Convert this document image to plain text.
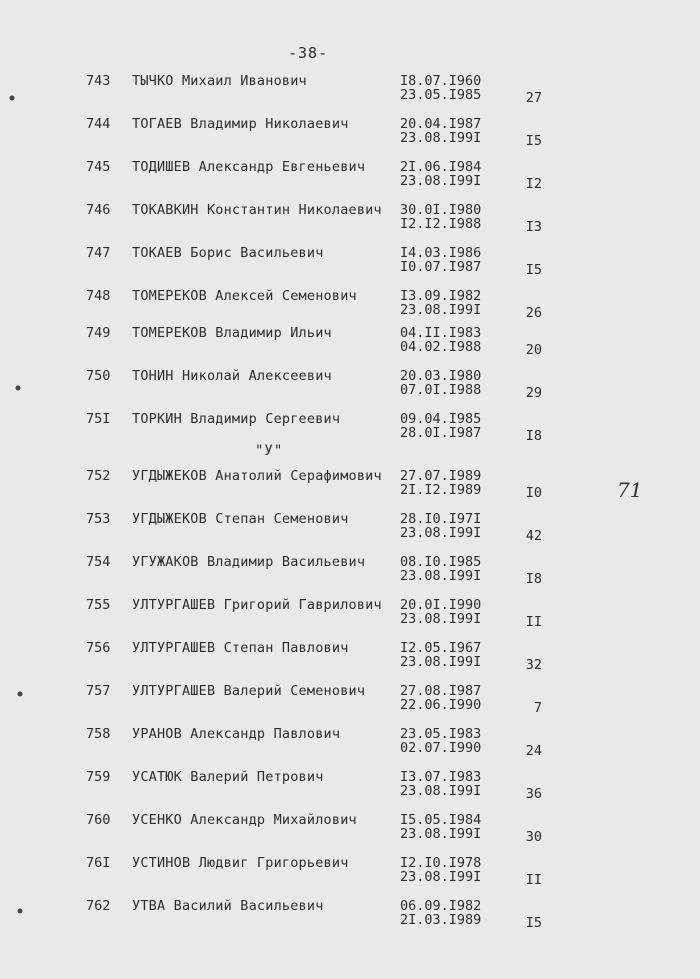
-38-
"У"
71
743 ТЫЧКО Михаил Иванович	I8.07.I960
23.05.I985	27
744 ТОГАЕВ Владимир Николаевич	20.04.I987
23.08.I99I	I5
745 ТОДИШЕВ Александр Евгеньевич	2I.06.I984
23.08.I99I	I2
746 ТОКАВКИН Константин Николаевич 30.0I.I980
I2.I2.I988	I3
747 ТОКАЕВ Борис Васильевич	I4.03.I986
I0.07.I987	I5
748 ТОМЕРЕКОВ Алексей Семенович	I3.09.I982
23.08.I99I	26
749 ТОМЕРЕКОВ Владимир Ильич	04.II.I983
04.02.I988	20
750 ТОНИН Николай Алексеевич	20.03.I980
07.0I.I988	29
75I ТОРКИН Владимир Сергеевич	09.04.I985
28.0I.I987	I8
752 УГДЫЖЕКОВ Анатолий Серафимович 27.07.I989
2I.I2.I989	I0
753 УГДЫЖЕКОВ Степан Семенович	28.I0.I97I
23.08.I99I	42
754 УГУЖАКОВ Владимир Васильевич	08.I0.I985
23.08.I99I	I8
755 УЛТУРГАШЕВ Григорий Гаврилович 20.0I.I990
23.08.I99I	II
756 УЛТУРГАШЕВ Степан Павлович	I2.05.I967
23.08.I99I	32
757 УЛТУРГАШЕВ Валерий Семенович	27.08.I987
22.06.I990	7
758 УРАНОВ Александр Павлович	23.05.I983
02.07.I990	24
759 УСАТЮК Валерий Петрович	I3.07.I983
23.08.I99I	36
760 УСЕНКО Александр Михайлович	I5.05.I984
23.08.I99I	30
76I УСТИНОВ Людвиг Григорьевич	I2.I0.I978
23.08.I99I	II
762 УТВА Василий Васильевич	06.09.I982
2I.03.I989	I5
